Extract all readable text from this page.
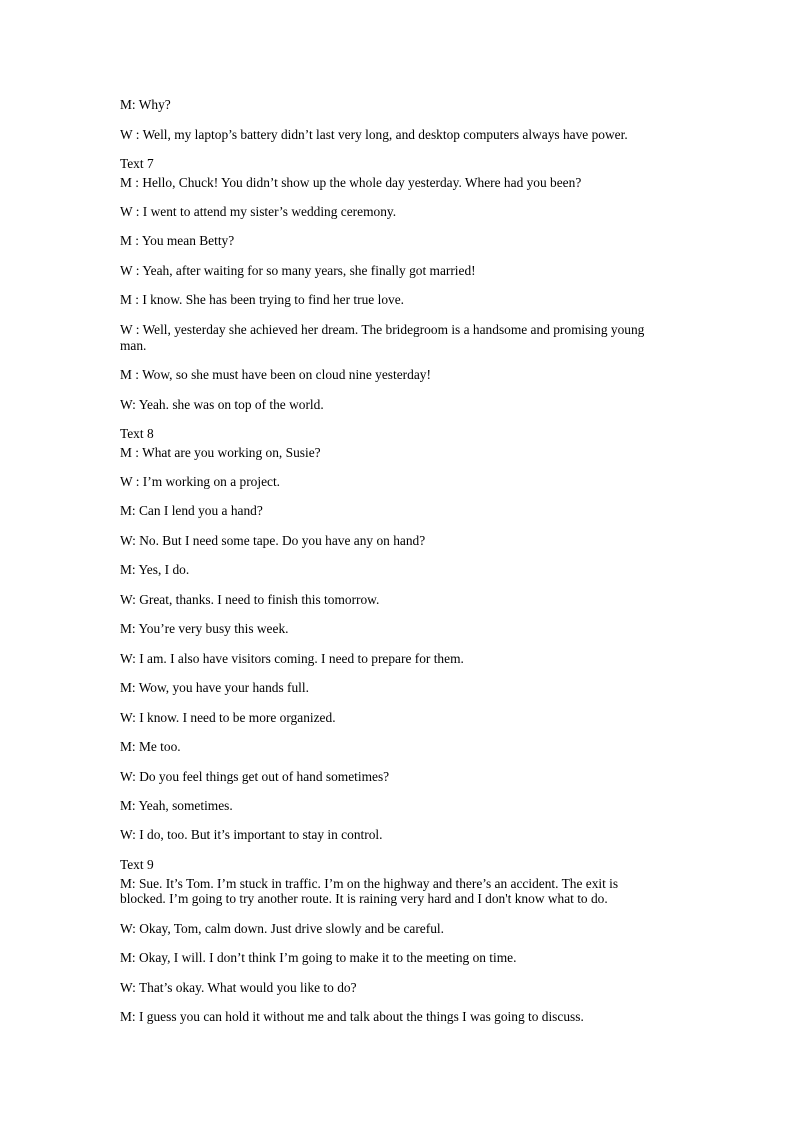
M: Why?
W : Well, my laptop’s battery didn’t last very long, and desktop computers always have power.
Text 7
M : Hello, Chuck! You didn’t show up the whole day yesterday. Where had you been?
W : I went to attend my sister’s wedding ceremony.
M : You mean Betty?
W : Yeah, after waiting for so many years, she finally got married!
M : I know. She has been trying to find her true love.
W : Well, yesterday she achieved her dream. The bridegroom is a handsome and promising young
man.
M : Wow, so she must have been on cloud nine yesterday!
W: Yeah. she was on top of the world.
Text 8
M : What are you working on, Susie?
W : I’m working on a project.
M: Can I lend you a hand?
W: No. But I need some tape. Do you have any on hand?
M: Yes, I do.
W: Great, thanks. I need to finish this tomorrow.
M: You’re very busy this week.
W: I am. I also have visitors coming. I need to prepare for them.
M: Wow, you have your hands full.
W: I know. I need to be more organized.
M: Me too.
W: Do you feel things get out of hand sometimes?
M: Yeah, sometimes.
W: I do, too. But it’s important to stay in control.
Text 9
M: Sue. It’s Tom. I’m stuck in traffic. I’m on the highway and there’s an accident. The exit is
blocked. I’m going to try another route. It is raining very hard and I don't know what to do.
W: Okay, Tom, calm down. Just drive slowly and be careful.
M: Okay, I will. I don’t think I’m going to make it to the meeting on time.
W: That’s okay. What would you like to do?
M: I guess you can hold it without me and talk about the things I was going to discuss.
